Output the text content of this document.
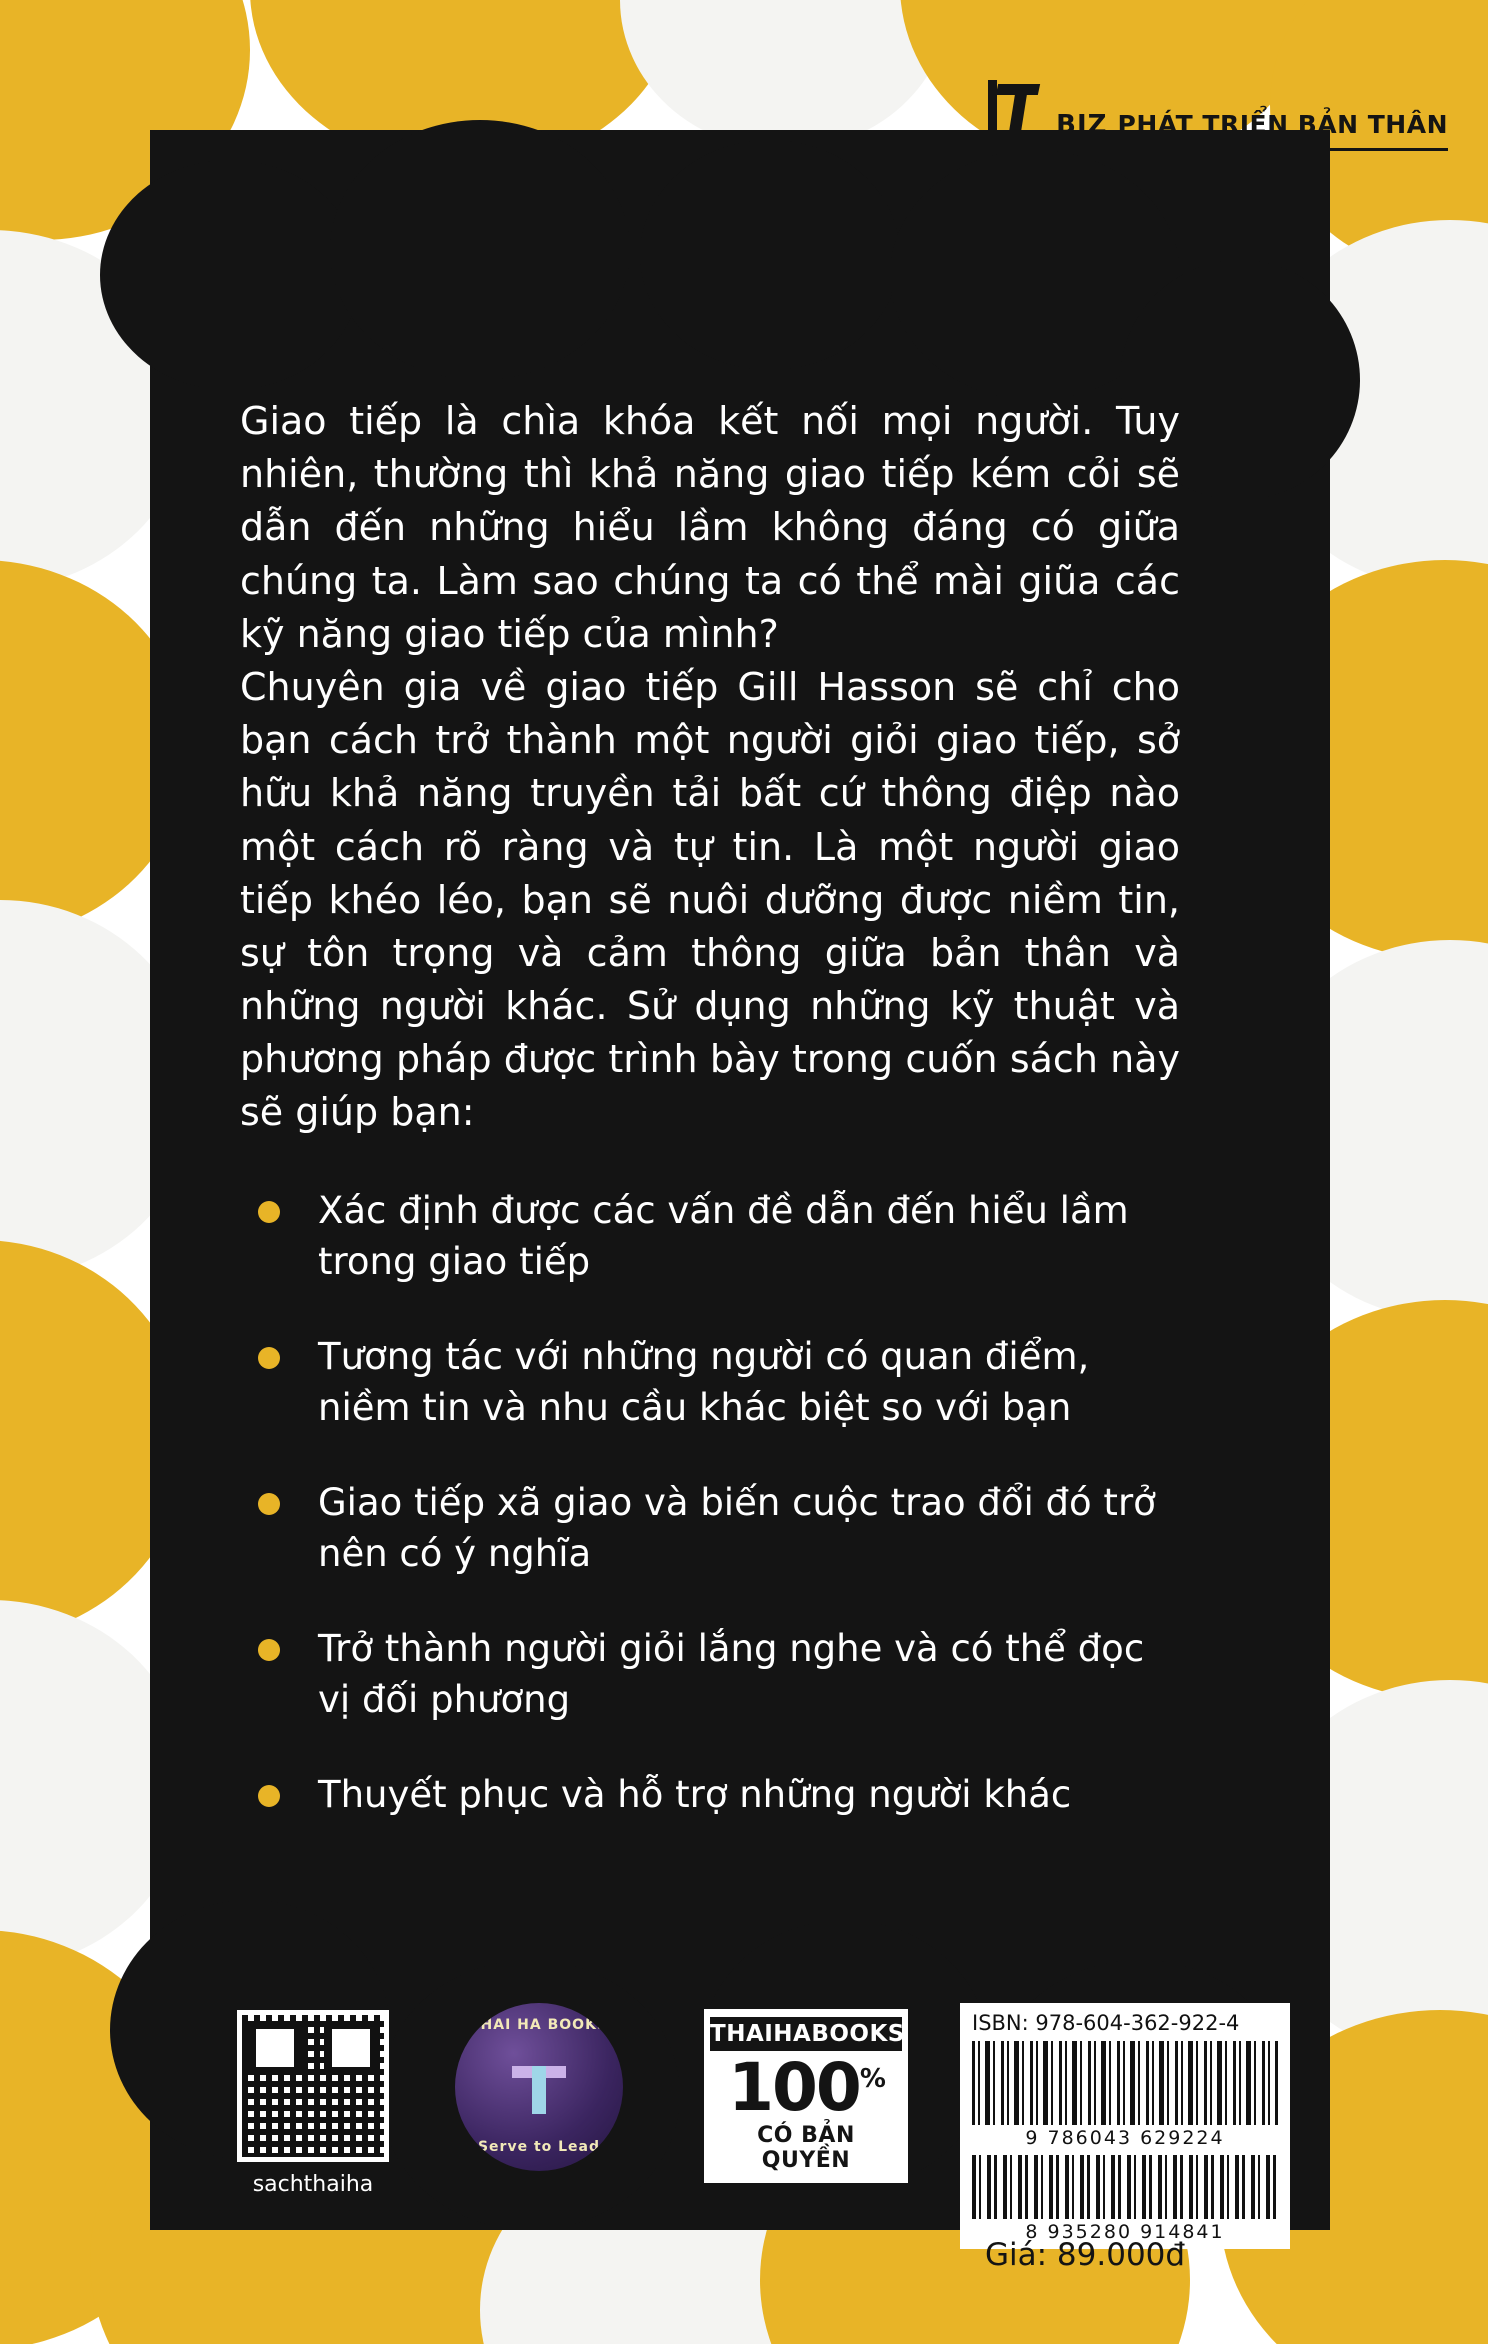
BIZ PHÁT TRIỂN BẢN THÂN

Giao tiếp là chìa khóa kết nối mọi người. Tuy nhiên, thường thì khả năng giao tiếp kém cỏi sẽ dẫn đến những hiểu lầm không đáng có giữa chúng ta. Làm sao chúng ta có thể mài giũa các kỹ năng giao tiếp của mình?

Chuyên gia về giao tiếp Gill Hasson sẽ chỉ cho bạn cách trở thành một người giỏi giao tiếp, sở hữu khả năng truyền tải bất cứ thông điệp nào một cách rõ ràng và tự tin. Là một người giao tiếp khéo léo, bạn sẽ nuôi dưỡng được niềm tin, sự tôn trọng và cảm thông giữa bản thân và những người khác. Sử dụng những kỹ thuật và phương pháp được trình bày trong cuốn sách này sẽ giúp bạn:

Xác định được các vấn đề dẫn đến hiểu lầm trong giao tiếp
Tương tác với những người có quan điểm, niềm tin và nhu cầu khác biệt so với bạn
Giao tiếp xã giao và biến cuộc trao đổi đó trở nên có ý nghĩa
Trở thành người giỏi lắng nghe và có thể đọc vị đối phương
Thuyết phục và hỗ trợ những người khác
sachthaiha
THAI HA BOOKS
Serve to Lead
THAIHABOOKS
100%
CÓ BẢN QUYỀN
ISBN: 978-604-362-922-4
9 786043 629224
8 935280 914841
Giá: 89.000đ
